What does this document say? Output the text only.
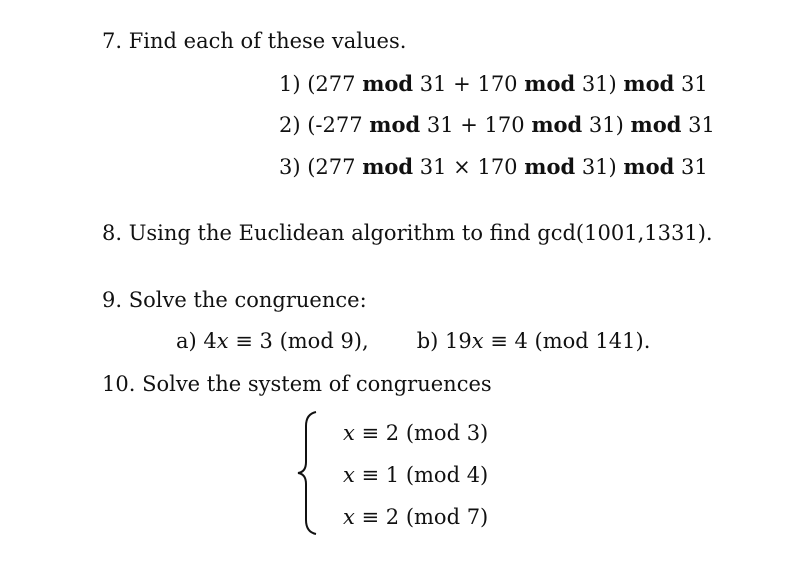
7. Find each of these values.
1) (277 mod 31 + 170 mod 31) mod 31
2) (-277 mod 31 + 170 mod 31) mod 31
3) (277 mod 31 × 170 mod 31) mod 31
8. Using the Euclidean algorithm to find gcd(1001,1331).
9. Solve the congruence:
a) 4x ≡ 3 (mod 9), b) 19x ≡ 4 (mod 141).
10. Solve the system of congruences
x ≡ 2 (mod 3)
x ≡ 1 (mod 4)
x ≡ 2 (mod 7)
